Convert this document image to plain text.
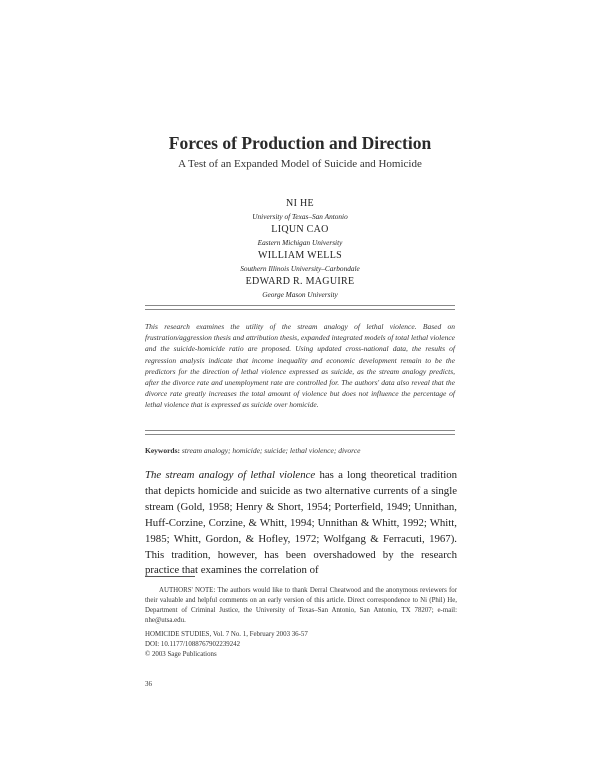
Forces of Production and Direction
A Test of an Expanded Model of Suicide and Homicide
NI HE
University of Texas–San Antonio
LIQUN CAO
Eastern Michigan University
WILLIAM WELLS
Southern Illinois University–Carbondale
EDWARD R. MAGUIRE
George Mason University
This research examines the utility of the stream analogy of lethal violence. Based on frustration/aggression thesis and attribution thesis, expanded integrated models of total lethal violence and the suicide-homicide ratio are proposed. Using updated cross-national data, the results of regression analysis indicate that income inequality and economic development remain to be the predictors for the direction of lethal violence expressed as suicide, as the stream analogy predicts, after the divorce rate and unemployment rate are controlled for. The authors' data also reveal that the divorce rate greatly increases the total amount of violence but does not influence the percentage of lethal violence that is expressed as suicide over homicide.
Keywords: stream analogy; homicide; suicide; lethal violence; divorce
The stream analogy of lethal violence has a long theoretical tradition that depicts homicide and suicide as two alternative currents of a single stream (Gold, 1958; Henry & Short, 1954; Porterfield, 1949; Unnithan, Huff-Corzine, Corzine, & Whitt, 1994; Unnithan & Whitt, 1992; Whitt, 1985; Whitt, Gordon, & Hofley, 1972; Wolfgang & Ferracuti, 1967). This tradition, however, has been overshadowed by the research practice that examines the correlation of
AUTHORS' NOTE: The authors would like to thank Derral Cheatwood and the anonymous reviewers for their valuable and helpful comments on an early version of this article. Direct correspondence to Ni (Phil) He, Department of Criminal Justice, the University of Texas–San Antonio, San Antonio, TX 78207; e-mail: nhe@utsa.edu.
HOMICIDE STUDIES, Vol. 7 No. 1, February 2003 36-57
DOI: 10.1177/1088767902239242
© 2003 Sage Publications
36
